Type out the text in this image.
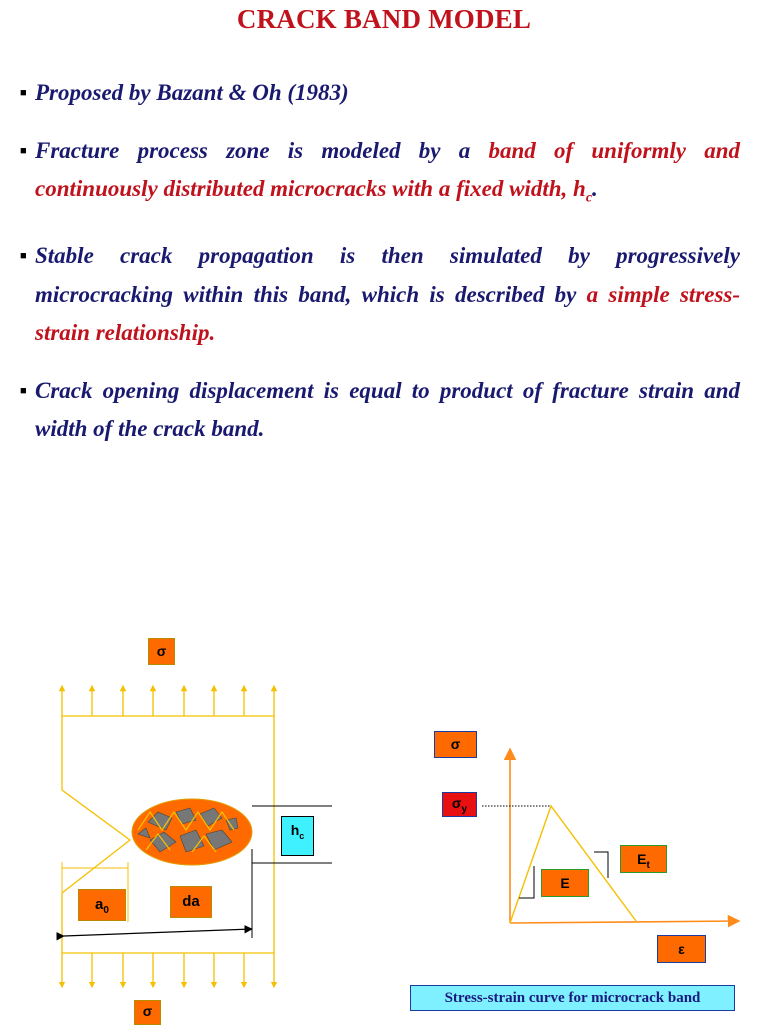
CRACK BAND MODEL
■ Proposed by Bazant & Oh (1983)
■ Fracture process zone is modeled by a band of uniformly and continuously distributed microcracks with a fixed width, $h_c$.
■ Stable crack propagation is then simulated by progressively microcracking within this band, which is described by a simple stress-strain relationship.
■ Crack opening displacement is equal to product of fracture strain and width of the crack band.
σ
σ
$h_c$
$a_0$
da
σ
$\sigma_y$
E
$E_t$
ε
Stress-strain curve for microcrack band
